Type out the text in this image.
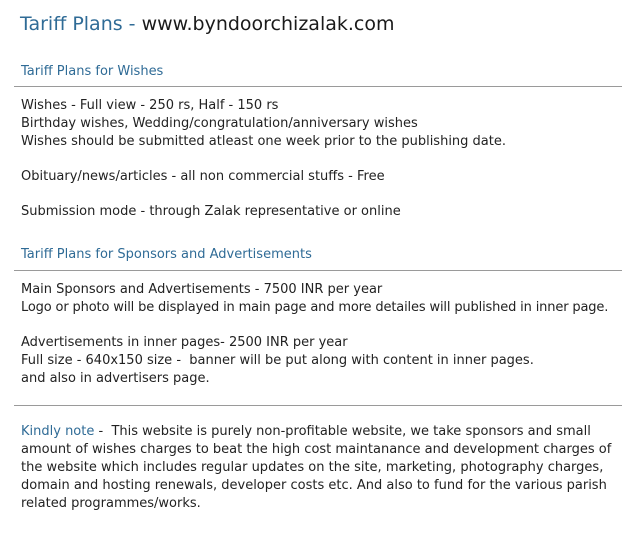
Tariff Plans - www.byndoorchizalak.com
Tariff Plans for Wishes
Wishes - Full view - 250 rs, Half - 150 rs
Birthday wishes, Wedding/congratulation/anniversary wishes
Wishes should be submitted atleast one week prior to the publishing date.
Obituary/news/articles - all non commercial stuffs - Free
Submission mode - through Zalak representative or online
Tariff Plans for Sponsors and Advertisements
Main Sponsors and Advertisements - 7500 INR per year
Logo or photo will be displayed in main page and more detailes will published in inner page.
Advertisements in inner pages- 2500 INR per year
Full size - 640x150 size -  banner will be put along with content in inner pages.
and also in advertisers page.
Kindly note -  This website is purely non-profitable website, we take sponsors and small amount of wishes charges to beat the high cost maintanance and development charges of the website which includes regular updates on the site, marketing, photography charges, domain and hosting renewals, developer costs etc. And also to fund for the various parish related programmes/works.
